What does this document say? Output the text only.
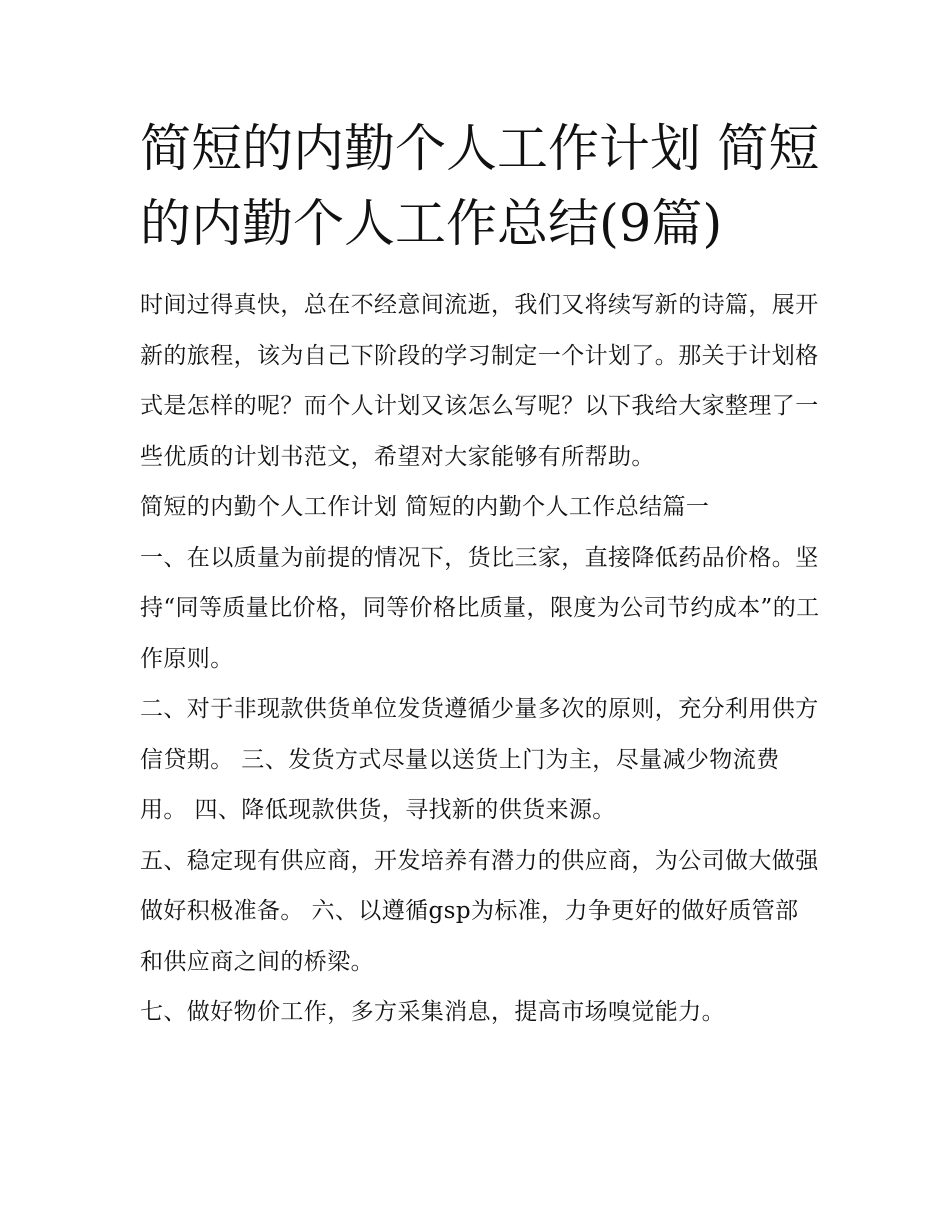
简短的内勤个人工作计划 简短的内勤个人工作总结(9篇)

时间过得真快，总在不经意间流逝，我们又将续写新的诗篇，展开新的旅程，该为自己下阶段的学习制定一个计划了。那关于计划格式是怎样的呢？而个人计划又该怎么写呢？以下我给大家整理了一些优质的计划书范文，希望对大家能够有所帮助。

简短的内勤个人工作计划 简短的内勤个人工作总结篇一

一、在以质量为前提的情况下，货比三家，直接降低药品价格。坚持“同等质量比价格，同等价格比质量，限度为公司节约成本”的工作原则。

二、对于非现款供货单位发货遵循少量多次的原则，充分利用供方信贷期。 三、发货方式尽量以送货上门为主，尽量减少物流费用。 四、降低现款供货，寻找新的供货来源。

五、稳定现有供应商，开发培养有潜力的供应商，为公司做大做强做好积极准备。 六、以遵循gsp为标准，力争更好的做好质管部和供应商之间的桥梁。

七、做好物价工作，多方采集消息，提高市场嗅觉能力。
